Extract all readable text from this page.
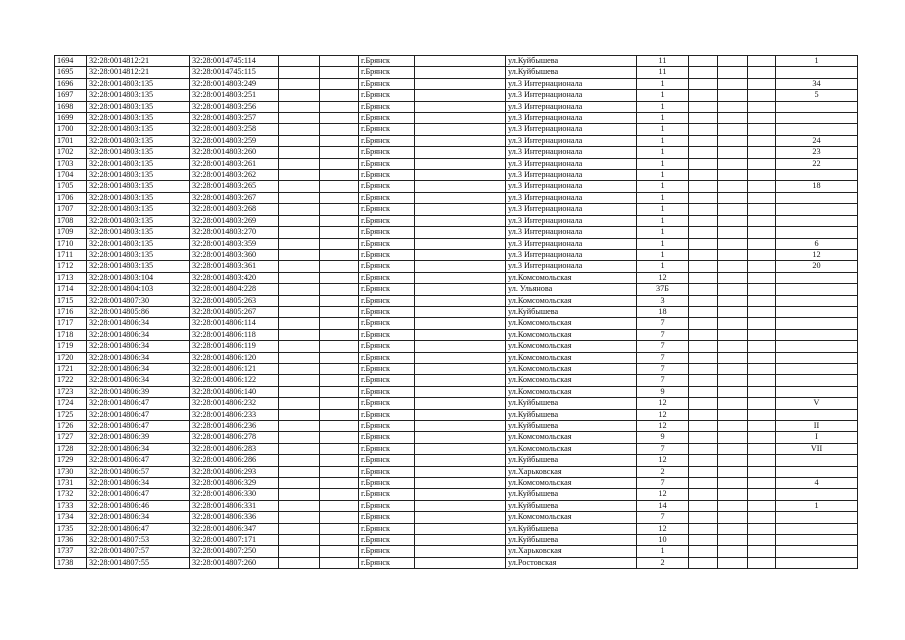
1694	32:28:0014812:21	32:28:0014745:114			г.Брянск		ул.Куйбышева	11				1
1695	32:28:0014812:21	32:28:0014745:115			г.Брянск		ул.Куйбышева	11				
1696	32:28:0014803:135	32:28:0014803:249			г.Брянск		ул.3 Интернационала	1				34
1697	32:28:0014803:135	32:28:0014803:251			г.Брянск		ул.3 Интернационала	1				5
1698	32:28:0014803:135	32:28:0014803:256			г.Брянск		ул.3 Интернационала	1				
1699	32:28:0014803:135	32:28:0014803:257			г.Брянск		ул.3 Интернационала	1				
1700	32:28:0014803:135	32:28:0014803:258			г.Брянск		ул.3 Интернационала	1				
1701	32:28:0014803:135	32:28:0014803:259			г.Брянск		ул.3 Интернационала	1				24
1702	32:28:0014803:135	32:28:0014803:260			г.Брянск		ул.3 Интернационала	1				23
1703	32:28:0014803:135	32:28:0014803:261			г.Брянск		ул.3 Интернационала	1				22
1704	32:28:0014803:135	32:28:0014803:262			г.Брянск		ул.3 Интернационала	1				
1705	32:28:0014803:135	32:28:0014803:265			г.Брянск		ул.3 Интернационала	1				18
1706	32:28:0014803:135	32:28:0014803:267			г.Брянск		ул.3 Интернационала	1				
1707	32:28:0014803:135	32:28:0014803:268			г.Брянск		ул.3 Интернационала	1				
1708	32:28:0014803:135	32:28:0014803:269			г.Брянск		ул.3 Интернационала	1				
1709	32:28:0014803:135	32:28:0014803:270			г.Брянск		ул.3 Интернационала	1				
1710	32:28:0014803:135	32:28:0014803:359			г.Брянск		ул.3 Интернационала	1				6
1711	32:28:0014803:135	32:28:0014803:360			г.Брянск		ул.3 Интернационала	1				12
1712	32:28:0014803:135	32:28:0014803:361			г.Брянск		ул.3 Интернационала	1				20
1713	32:28:0014803:104	32:28:0014803:420			г.Брянск		ул.Комсомольская	12				
1714	32:28:0014804:103	32:28:0014804:228			г.Брянск		ул. Ульянова	37Б				
1715	32:28:0014807:30	32:28:0014805:263			г.Брянск		ул.Комсомольская	3				
1716	32:28:0014805:86	32:28:0014805:267			г.Брянск		ул.Куйбышева	18				
1717	32:28:0014806:34	32:28:0014806:114			г.Брянск		ул.Комсомольская	7				
1718	32:28:0014806:34	32:28:0014806:118			г.Брянск		ул.Комсомольская	7				
1719	32:28:0014806:34	32:28:0014806:119			г.Брянск		ул.Комсомольская	7				
1720	32:28:0014806:34	32:28:0014806:120			г.Брянск		ул.Комсомольская	7				
1721	32:28:0014806:34	32:28:0014806:121			г.Брянск		ул.Комсомольская	7				
1722	32:28:0014806:34	32:28:0014806:122			г.Брянск		ул.Комсомольская	7				
1723	32:28:0014806:39	32:28:0014806:140			г.Брянск		ул.Комсомольская	9				
1724	32:28:0014806:47	32:28:0014806:232			г.Брянск		ул.Куйбышева	12				V
1725	32:28:0014806:47	32:28:0014806:233			г.Брянск		ул.Куйбышева	12				
1726	32:28:0014806:47	32:28:0014806:236			г.Брянск		ул.Куйбышева	12				II
1727	32:28:0014806:39	32:28:0014806:278			г.Брянск		ул.Комсомольская	9				I
1728	32:28:0014806:34	32:28:0014806:283			г.Брянск		ул.Комсомольская	7				VII
1729	32:28:0014806:47	32:28:0014806:286			г.Брянск		ул.Куйбышева	12				
1730	32:28:0014806:57	32:28:0014806:293			г.Брянск		ул.Харьковская	2				
1731	32:28:0014806:34	32:28:0014806:329			г.Брянск		ул.Комсомольская	7				4
1732	32:28:0014806:47	32:28:0014806:330			г.Брянск		ул.Куйбышева	12				
1733	32:28:0014806:46	32:28:0014806:331			г.Брянск		ул.Куйбышева	14				1
1734	32:28:0014806:34	32:28:0014806:336			г.Брянск		ул.Комсомольская	7				
1735	32:28:0014806:47	32:28:0014806:347			г.Брянск		ул.Куйбышева	12				
1736	32:28:0014807:53	32:28:0014807:171			г.Брянск		ул.Куйбышева	10				
1737	32:28:0014807:57	32:28:0014807:250			г.Брянск		ул.Харьковская	1				
1738	32:28:0014807:55	32:28:0014807:260			г.Брянск		ул.Ростовская	2				
